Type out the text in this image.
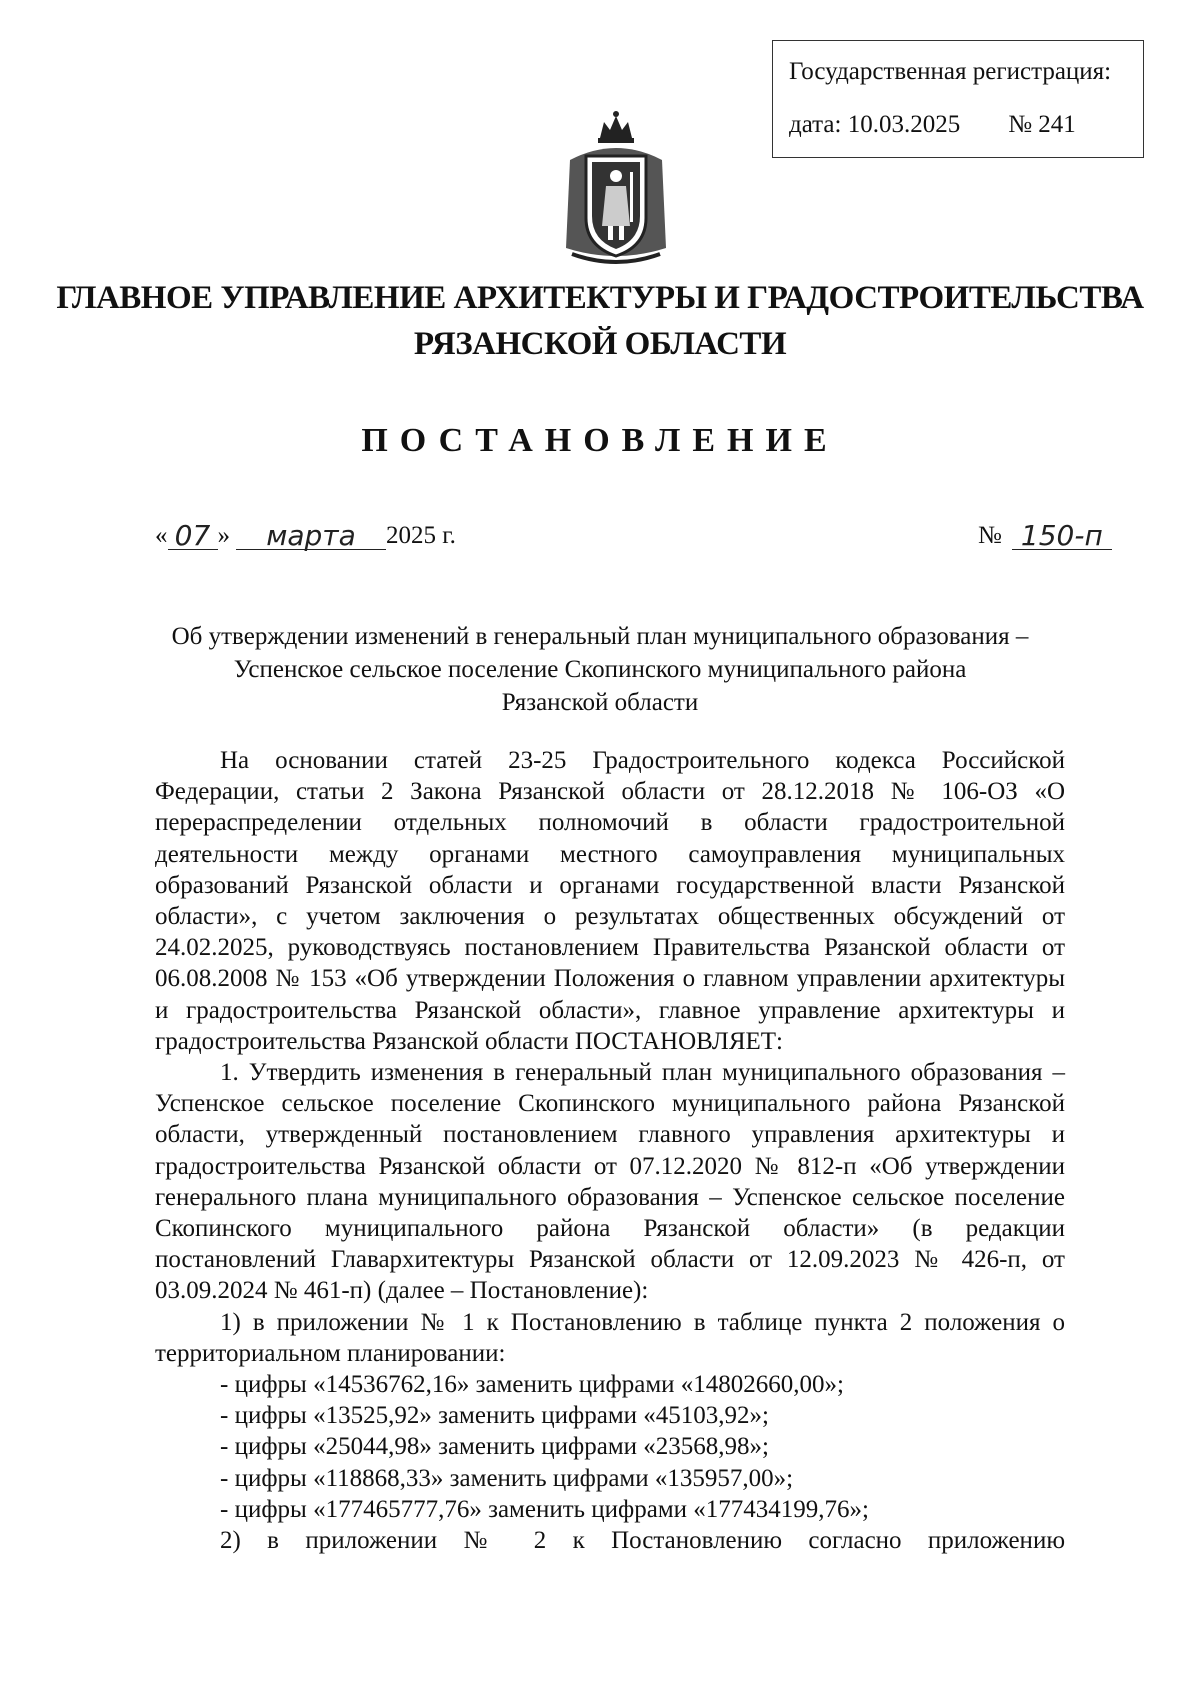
Государственная регистрация:
дата: 10.03.2025 № 241
ГЛАВНОЕ УПРАВЛЕНИЕ АРХИТЕКТУРЫ И ГРАДОСТРОИТЕЛЬСТВА
РЯЗАНСКОЙ ОБЛАСТИ
ПОСТАНОВЛЕНИЕ
« 07 »	марта	2025 г.	№ 150-п
Об утверждении изменений в генеральный план муниципального образования –
Успенское сельское поселение Скопинского муниципального района
Рязанской области

На основании статей 23-25 Градостроительного кодекса Российской Федерации, статьи 2 Закона Рязанской области от 28.12.2018 № 106-ОЗ «О перераспределении отдельных полномочий в области градостроительной деятельности между органами местного самоуправления муниципальных образований Рязанской области и органами государственной власти Рязанской области», с учетом заключения о результатах общественных обсуждений от 24.02.2025, руководствуясь постановлением Правительства Рязанской области от 06.08.2008 № 153 «Об утверждении Положения о главном управлении архитектуры и градостроительства Рязанской области», главное управление архитектуры и градостроительства Рязанской области ПОСТАНОВЛЯЕТ:

1. Утвердить изменения в генеральный план муниципального образования – Успенское сельское поселение Скопинского муниципального района Рязанской области, утвержденный постановлением главного управления архитектуры и градостроительства Рязанской области от 07.12.2020 № 812-п «Об утверждении генерального плана муниципального образования – Успенское сельское поселение Скопинского муниципального района Рязанской области» (в редакции постановлений Главархитектуры Рязанской области от 12.09.2023 № 426-п, от 03.09.2024 № 461-п) (далее – Постановление):

1) в приложении № 1 к Постановлению в таблице пункта 2 положения о территориальном планировании:

- цифры «14536762,16» заменить цифрами «14802660,00»;

- цифры «13525,92» заменить цифрами «45103,92»;

- цифры «25044,98» заменить цифрами «23568,98»;

- цифры «118868,33» заменить цифрами «135957,00»;

- цифры «177465777,76» заменить цифрами «177434199,76»;

2) в приложении № 2 к Постановлению согласно приложению
